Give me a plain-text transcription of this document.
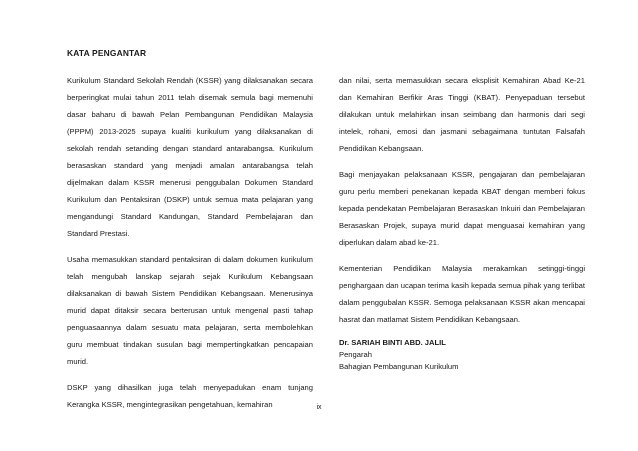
KATA PENGANTAR

Kurikulum Standard Sekolah Rendah (KSSR) yang dilaksanakan secara berperingkat mulai tahun 2011 telah disemak semula bagi memenuhi dasar baharu di bawah Pelan Pembangunan Pendidikan Malaysia (PPPM) 2013-2025 supaya kualiti kurikulum yang dilaksanakan di sekolah rendah setanding dengan standard antarabangsa. Kurikulum berasaskan standard yang menjadi amalan antarabangsa telah dijelmakan dalam KSSR menerusi penggubalan Dokumen Standard Kurikulum dan Pentaksiran (DSKP) untuk semua mata pelajaran yang mengandungi Standard Kandungan, Standard Pembelajaran dan Standard Prestasi.

Usaha memasukkan standard pentaksiran di dalam dokumen kurikulum telah mengubah lanskap sejarah sejak Kurikulum Kebangsaan dilaksanakan di bawah Sistem Pendidikan Kebangsaan. Menerusinya murid dapat ditaksir secara berterusan untuk mengenal pasti tahap penguasaannya dalam sesuatu mata pelajaran, serta membolehkan guru membuat tindakan susulan bagi mempertingkatkan pencapaian murid.

DSKP yang dihasilkan juga telah menyepadukan enam tunjang Kerangka KSSR, mengintegrasikan pengetahuan, kemahiran

dan nilai, serta memasukkan secara eksplisit Kemahiran Abad Ke-21 dan Kemahiran Berfikir Aras Tinggi (KBAT). Penyepaduan tersebut dilakukan untuk melahirkan insan seimbang dan harmonis dari segi intelek, rohani, emosi dan jasmani sebagaimana tuntutan Falsafah Pendidikan Kebangsaan.

Bagi menjayakan pelaksanaan KSSR, pengajaran dan pembelajaran guru perlu memberi penekanan kepada KBAT dengan memberi fokus kepada pendekatan Pembelajaran Berasaskan Inkuiri dan Pembelajaran Berasaskan Projek, supaya murid dapat menguasai kemahiran yang diperlukan dalam abad ke-21.

Kementerian Pendidikan Malaysia merakamkan setinggi-tinggi penghargaan dan ucapan terima kasih kepada semua pihak yang terlibat dalam penggubalan KSSR. Semoga pelaksanaan KSSR akan mencapai hasrat dan matlamat Sistem Pendidikan Kebangsaan.

Dr. SARIAH BINTI ABD. JALIL
Pengarah
Bahagian Pembangunan Kurikulum
ix
